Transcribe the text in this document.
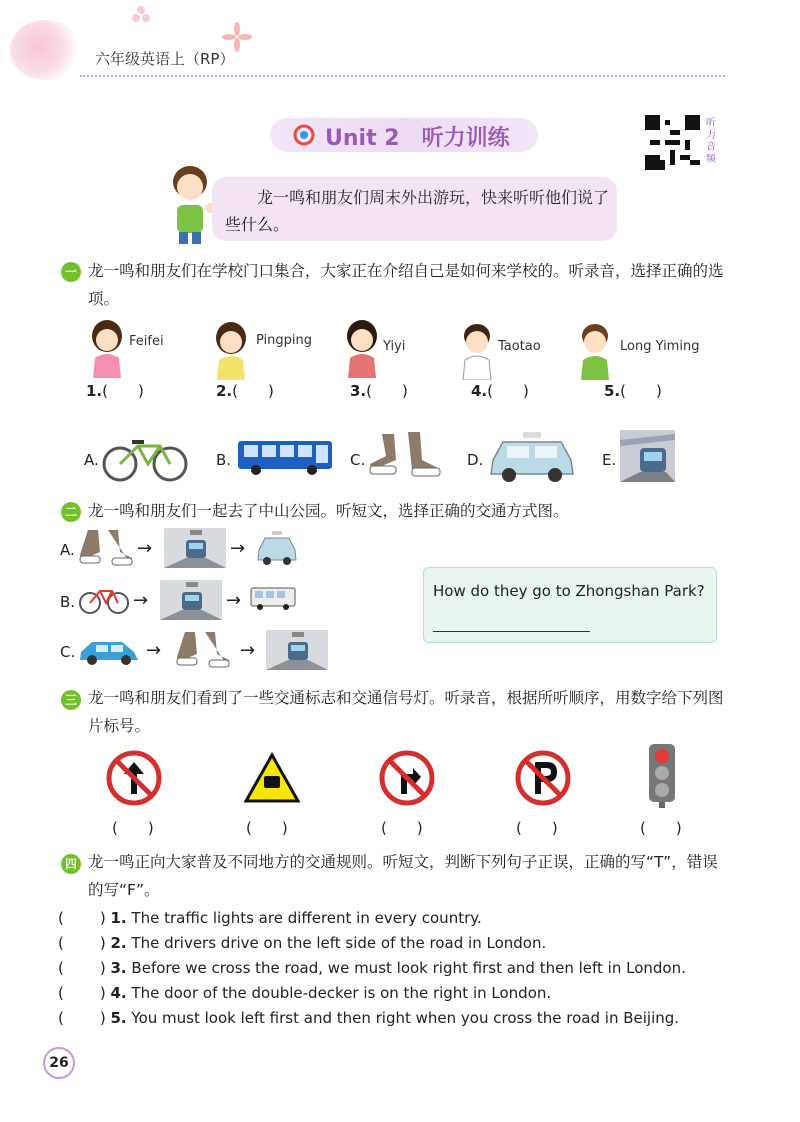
六年级英语上（RP）
Unit 2 听力训练
听力音频
龙一鸣和朋友们周末外出游玩，快来听听他们说了些什么。
一 龙一鸣和朋友们在学校门口集合，大家正在介绍自己是如何来学校的。听录音，选择正确的选项。
Feifei	Pingping	Yiyi	Taotao	Long Yiming
1.(　　)	2.(　　)	3.(　　)	4.(　　)	5.(　　)
A.	B.	C.	D.	E.
二 龙一鸣和朋友们一起去了中山公园。听短文，选择正确的交通方式图。
A.	→	→
B.	→	→
C.	→	→
How do they go to Zhongshan Park?
三 龙一鸣和朋友们看到了一些交通标志和交通信号灯。听录音，根据所听顺序，用数字给下列图片标号。
(　　)	(　　)	(　　)	(　　)	(　　)
四 龙一鸣正向大家普及不同地方的交通规则。听短文，判断下列句子正误，正确的写“T”，错误的写“F”。
( ) 1. The traffic lights are different in every country.
( ) 2. The drivers drive on the left side of the road in London.
( ) 3. Before we cross the road, we must look right first and then left in London.
( ) 4. The door of the double-decker is on the right in London.
( ) 5. You must look left first and then right when you cross the road in Beijing.
26
